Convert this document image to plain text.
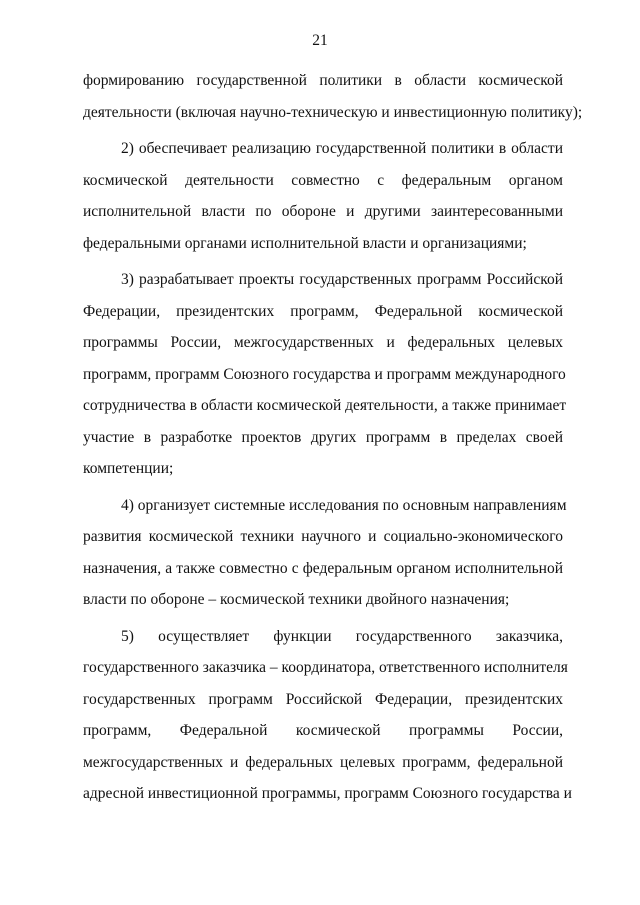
21
формированию государственной политики в области космической
деятельности (включая научно-техническую и инвестиционную политику);
2) обеспечивает реализацию государственной политики в области
космической деятельности совместно с федеральным органом
исполнительной власти по обороне и другими заинтересованными
федеральными органами исполнительной власти и организациями;
3) разрабатывает проекты государственных программ Российской
Федерации, президентских программ, Федеральной космической
программы России, межгосударственных и федеральных целевых
программ, программ Союзного государства и программ международного
сотрудничества в области космической деятельности, а также принимает
участие в разработке проектов других программ в пределах своей
компетенции;
4) организует системные исследования по основным направлениям
развития космической техники научного и социально-экономического
назначения, а также совместно с федеральным органом исполнительной
власти по обороне – космической техники двойного назначения;
5) осуществляет функции государственного заказчика,
государственного заказчика – координатора, ответственного исполнителя
государственных программ Российской Федерации, президентских
программ, Федеральной космической программы России,
межгосударственных и федеральных целевых программ, федеральной
адресной инвестиционной программы, программ Союзного государства и
